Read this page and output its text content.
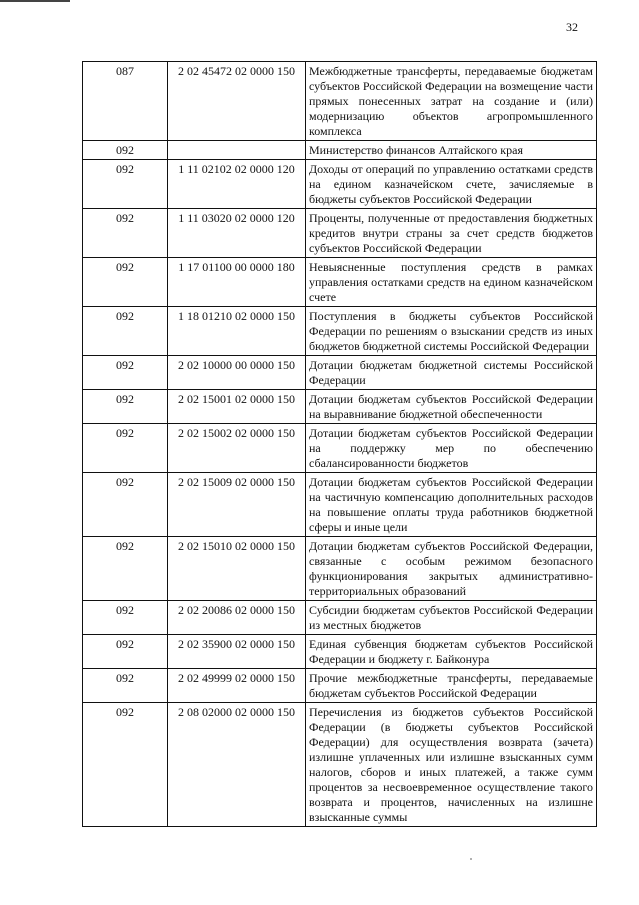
32
087	2 02 45472 02 0000 150	Межбюджетные трансферты, передаваемые бюджетам субъектов Российской Федерации на возмещение части прямых понесенных затрат на создание и (или) модернизацию объектов агропромышленного комплекса
092		Министерство финансов Алтайского края
092	1 11 02102 02 0000 120	Доходы от операций по управлению остатками средств на едином казначейском счете, зачисляемые в бюджеты субъектов Российской Федерации
092	1 11 03020 02 0000 120	Проценты, полученные от предоставления бюджетных кредитов внутри страны за счет средств бюджетов субъектов Российской Федерации
092	1 17 01100 00 0000 180	Невыясненные поступления средств в рамках управления остатками средств на едином казначейском счете
092	1 18 01210 02 0000 150	Поступления в бюджеты субъектов Российской Федерации по решениям о взыскании средств из иных бюджетов бюджетной системы Российской Федерации
092	2 02 10000 00 0000 150	Дотации бюджетам бюджетной системы Российской Федерации
092	2 02 15001 02 0000 150	Дотации бюджетам субъектов Российской Федерации на выравнивание бюджетной обеспеченности
092	2 02 15002 02 0000 150	Дотации бюджетам субъектов Российской Федерации на поддержку мер по обеспечению сбалансированности бюджетов
092	2 02 15009 02 0000 150	Дотации бюджетам субъектов Российской Федерации на частичную компенсацию дополнительных расходов на повышение оплаты труда работников бюджетной сферы и иные цели
092	2 02 15010 02 0000 150	Дотации бюджетам субъектов Российской Федерации, связанные с особым режимом безопасного функционирования закрытых административно-территориальных образований
092	2 02 20086 02 0000 150	Субсидии бюджетам субъектов Российской Федерации из местных бюджетов
092	2 02 35900 02 0000 150	Единая субвенция бюджетам субъектов Российской Федерации и бюджету г. Байконура
092	2 02 49999 02 0000 150	Прочие межбюджетные трансферты, передаваемые бюджетам субъектов Российской Федерации
092	2 08 02000 02 0000 150	Перечисления из бюджетов субъектов Российской Федерации (в бюджеты субъектов Российской Федерации) для осуществления возврата (зачета) излишне уплаченных или излишне взысканных сумм налогов, сборов и иных платежей, а также сумм процентов за несвоевременное осуществление такого возврата и процентов, начисленных на излишне взысканные суммы
